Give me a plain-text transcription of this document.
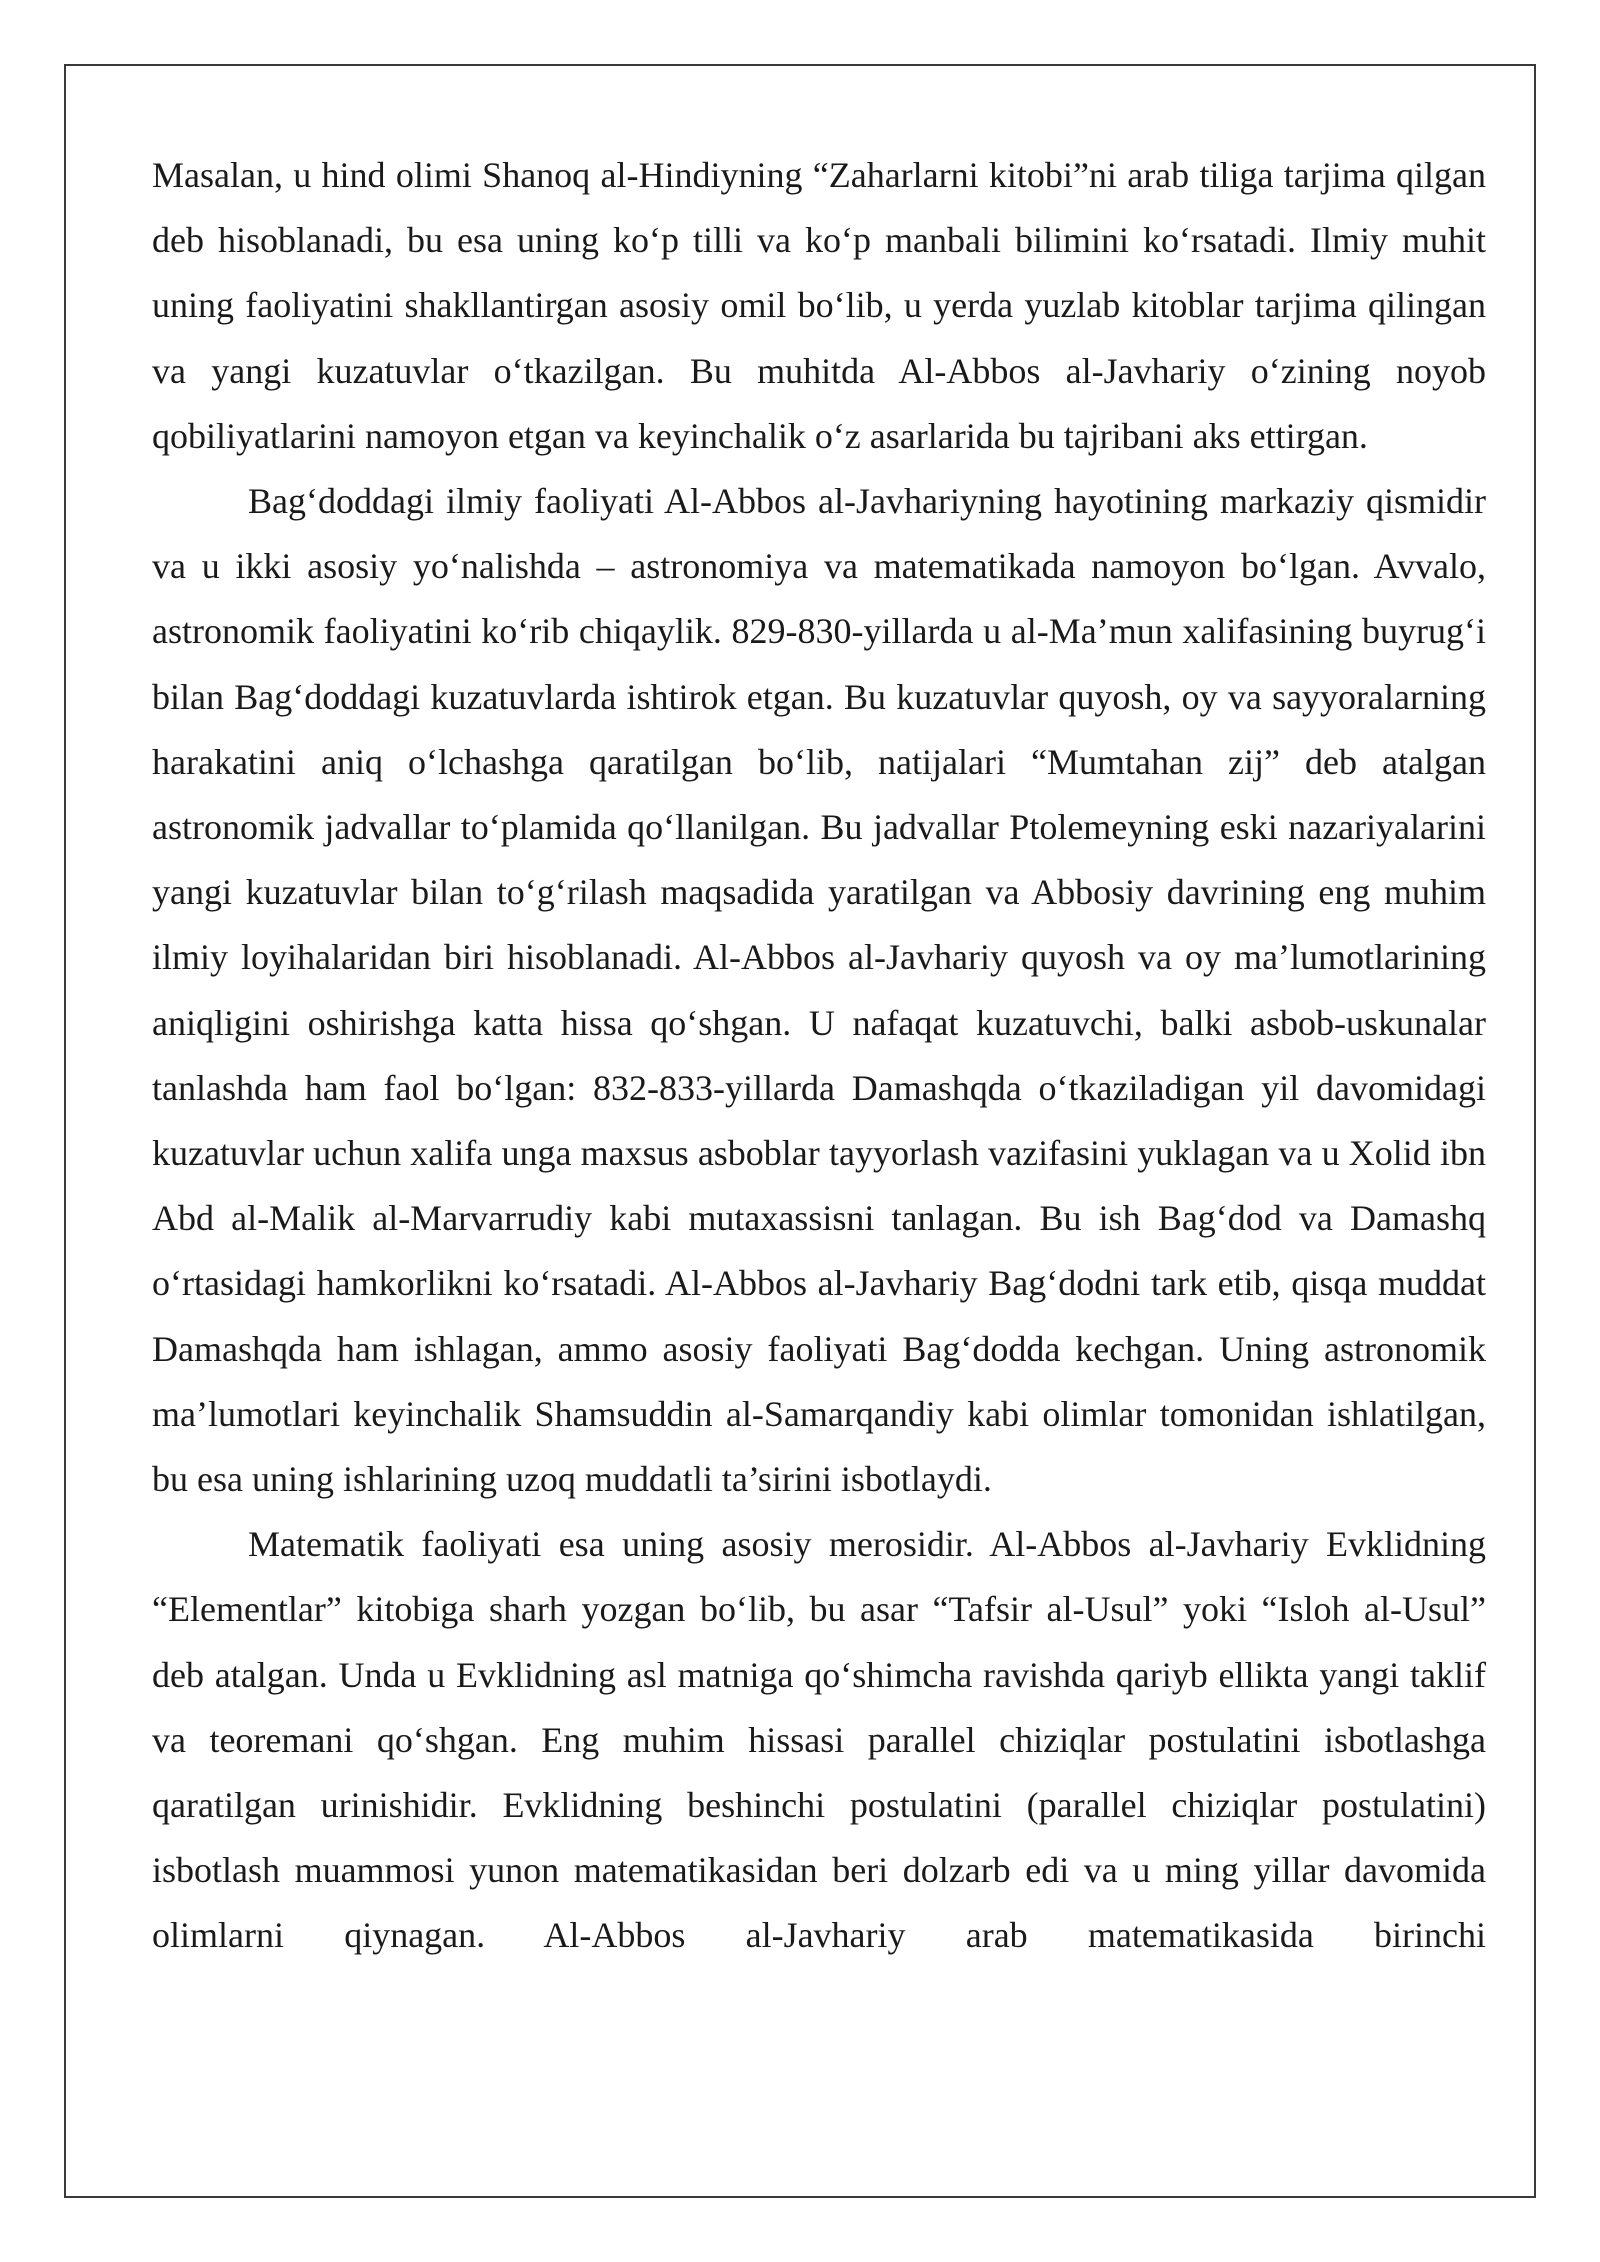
Masalan, u hind olimi Shanoq al-Hindiyning “Zaharlarni kitobi”ni arab tiliga tarjima qilgan deb hisoblanadi, bu esa uning ko‘p tilli va ko‘p manbali bilimini ko‘rsatadi. Ilmiy muhit uning faoliyatini shakllantirgan asosiy omil bo‘lib, u yerda yuzlab kitoblar tarjima qilingan va yangi kuzatuvlar o‘tkazilgan. Bu muhitda Al-Abbos al-Javhariy o‘zining noyob qobiliyatlarini namoyon etgan va keyinchalik o‘z asarlarida bu tajribani aks ettirgan.

Bag‘doddagi ilmiy faoliyati Al-Abbos al-Javhariyning hayotining markaziy qismidir va u ikki asosiy yo‘nalishda – astronomiya va matematikada namoyon bo‘lgan. Avvalo, astronomik faoliyatini ko‘rib chiqaylik. 829-830-yillarda u al-Ma’mun xalifasining buyrug‘i bilan Bag‘doddagi kuzatuvlarda ishtirok etgan. Bu kuzatuvlar quyosh, oy va sayyoralarning harakatini aniq o‘lchashga qaratilgan bo‘lib, natijalari “Mumtahan zij” deb atalgan astronomik jadvallar to‘plamida qo‘llanilgan. Bu jadvallar Ptolemeyning eski nazariyalarini yangi kuzatuvlar bilan to‘g‘rilash maqsadida yaratilgan va Abbosiy davrining eng muhim ilmiy loyihalaridan biri hisoblanadi. Al-Abbos al-Javhariy quyosh va oy ma’lumotlarining aniqligini oshirishga katta hissa qo‘shgan. U nafaqat kuzatuvchi, balki asbob-uskunalar tanlashda ham faol bo‘lgan: 832-833-yillarda Damashqda o‘tkaziladigan yil davomidagi kuzatuvlar uchun xalifa unga maxsus asboblar tayyorlash vazifasini yuklagan va u Xolid ibn Abd al-Malik al-Marvarrudiy kabi mutaxassisni tanlagan. Bu ish Bag‘dod va Damashq o‘rtasidagi hamkorlikni ko‘rsatadi. Al-Abbos al-Javhariy Bag‘dodni tark etib, qisqa muddat Damashqda ham ishlagan, ammo asosiy faoliyati Bag‘dodda kechgan. Uning astronomik ma’lumotlari keyinchalik Shamsuddin al-Samarqandiy kabi olimlar tomonidan ishlatilgan, bu esa uning ishlarining uzoq muddatli ta’sirini isbotlaydi.

Matematik faoliyati esa uning asosiy merosidir. Al-Abbos al-Javhariy Evklidning “Elementlar” kitobiga sharh yozgan bo‘lib, bu asar “Tafsir al-Usul” yoki “Isloh al-Usul” deb atalgan. Unda u Evklidning asl matniga qo‘shimcha ravishda qariyb ellikta yangi taklif va teoremani qo‘shgan. Eng muhim hissasi parallel chiziqlar postulatini isbotlashga qaratilgan urinishidir. Evklidning beshinchi postulatini (parallel chiziqlar postulatini) isbotlash muammosi yunon matematikasidan beri dolzarb edi va u ming yillar davomida olimlarni qiynagan. Al-Abbos al-Javhariy arab matematikasida birinchi
